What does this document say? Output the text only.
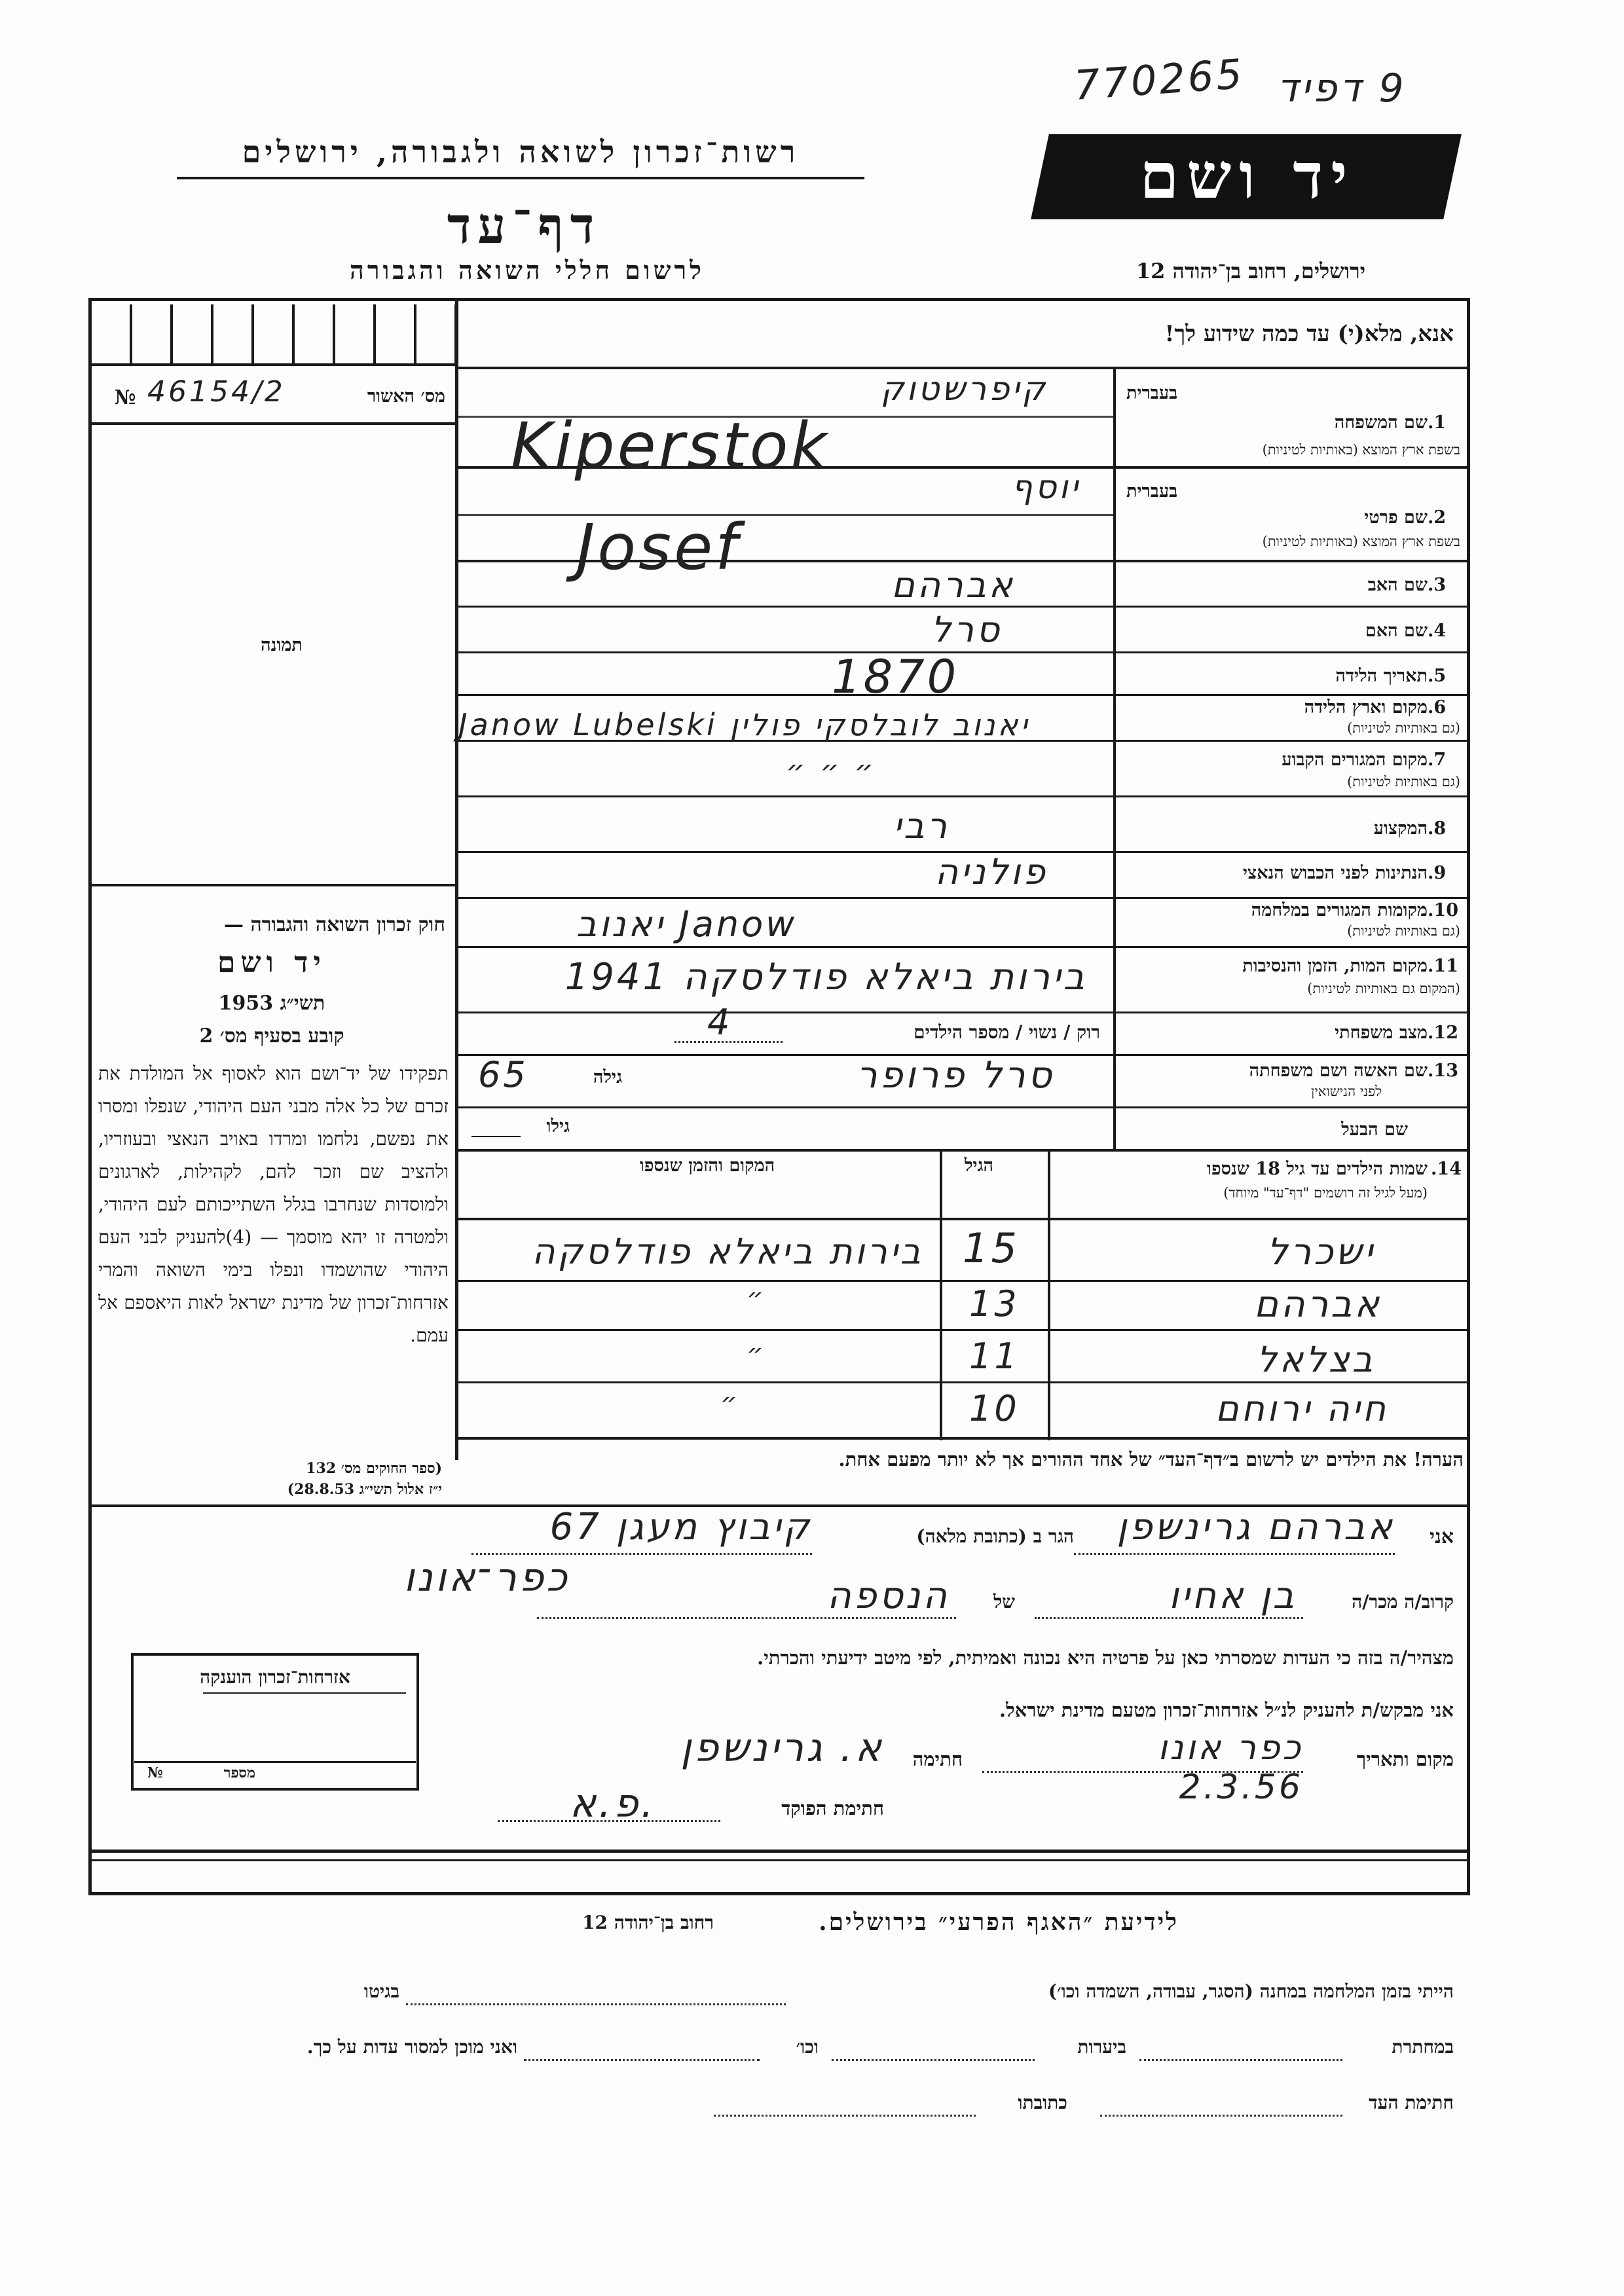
770265 9 דפיד
רשות־זכרון לשואה ולגבורה, ירושלים
דף־עד
לרשום חללי השואה והגבורה
יד ושם
ירושלים, רחוב בן־יהודה 12
אנא, מלא(י) עד כמה שידוע לך!
№ 46154/2	מס׳ האשור
תמונה
בעברית
1.
שם המשפחה
בשפת ארץ המוצא (באותיות לטיניות)
קיפרשטוק
Kiperstok
בעברית
2.
שם פרטי
בשפת ארץ המוצא (באותיות לטיניות)
יוסף
Josef
3.
שם האב
אברהם
4.
שם האם
סרל
5.
תאריך הלידה
1870
6.
מקום וארץ הלידה
(גם באותיות לטיניות)
Janow Lubelski יאנוב לובלסקי פולין
7.
מקום המגורים הקבוע
(גם באותיות לטיניות)
״ ״ ״
8.
המקצוע
רבי
9.
הנתינות לפני הכבוש הנאצי
פולניה
10.
מקומות המגורים במלחמה
(גם באותיות לטיניות)
יאנוב Janow
11.
מקום המות, הזמן והנסיבות
(המקום גם באותיות לטיניות)
בירות ביאלא פודלסקה 1941
12.
מצב משפחתי
רוק / נשוי / מספר הילדים
4
13.
שם האשה ושם משפחתה
לפני הנישואין
סרל פרופר
גילה
65
שם הבעל
גילו
14.
שמות הילדים עד גיל 18 שנספו
(מעל לגיל זה רושמים "דף־עד" מיוחד)
הגיל
המקום והזמן שנספו
ישכרל
15
בירות ביאלא פודלסקה
אברהם
13
״
בצלאל
11
״
חיה ירוחם
10
״
הערה! את הילדים יש לרשום ב״דף־העד״ של אחד ההורים אך לא יותר מפעם אחת.
חוק זכרון השואה והגבורה —
יד ושם
תשי״ג 1953
קובע בסעיף מס׳ 2
תפקידו של יד־ושם הוא לאסוף אל המולדת את זכרם של כל אלה מבני העם היהודי, שנפלו ומסרו את נפשם, נלחמו ומרדו באויב הנאצי ובעוזריו, ולהציב שם וזכר להם, לקהילות, לארגונים ולמוסדות שנחרבו בגלל השתייכותם לעם היהודי, ולמטרה זו יהא מוסמך — (4)להעניק לבני העם היהודי שהושמדו ונפלו בימי השואה והמרי אזרחות־זכרון של מדינת ישראל לאות היאספם אל עמם.
(ספר החוקים מס׳ 132
י״ז אלול תשי״ג 28.8.53)
אני
אברהם גרינשפן
הגר ב (כתובת מלאה)
קיבוץ מעגן 67
כפר־אונו
קרוב/ה מכר/ה
בן אחיו
של
הנספה
מצהיר/ה בזה כי העדות שמסרתי כאן על פרטיה היא נכונה ואמיתית, לפי מיטב ידיעתי והכרתי.
אני מבקש/ת להעניק לנ״ל אזרחות־זכרון מטעם מדינת ישראל.
מקום ותאריך
כפר אונו 2.3.56
חתימה
א. גרינשפן
חתימת הפוקד
פ.א.
אזרחות־זכרון הוענקה
№	מספר
לידיעת ״האגף הפרעי״ בירושלים.
רחוב בן־יהודה 12
הייתי בזמן המלחמה במחנה (הסגר, עבודה, השמדה וכו׳)
בגיטו
במחתרת
ביערות
וכו׳
ואני מוכן למסור עדות על כך.
חתימת העד
כתובתו
